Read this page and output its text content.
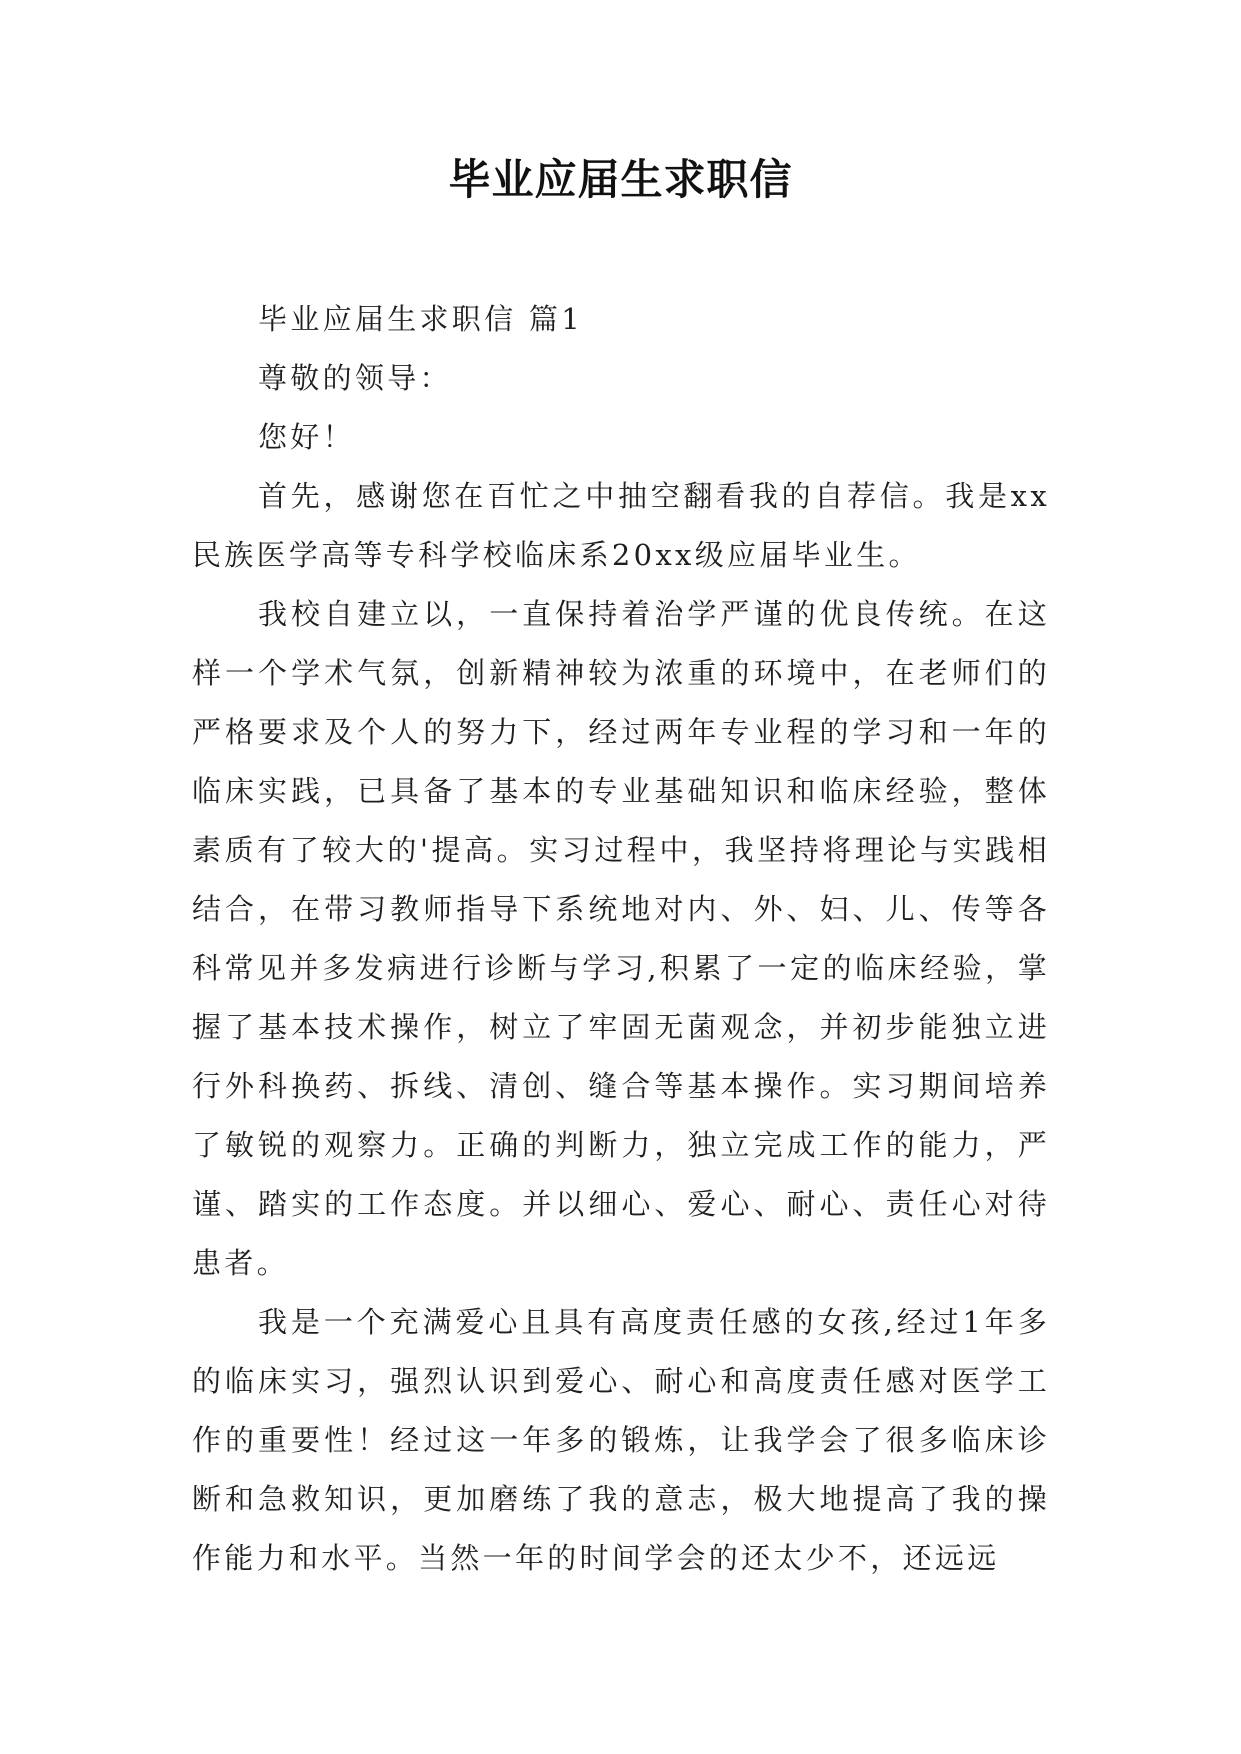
毕业应届生求职信

毕业应届生求职信 篇1

尊敬的领导：

您好！

首先，感谢您在百忙之中抽空翻看我的自荐信。我是xx民族医学高等专科学校临床系20xx级应届毕业生。

我校自建立以，一直保持着治学严谨的优良传统。在这样一个学术气氛，创新精神较为浓重的环境中，在老师们的严格要求及个人的努力下，经过两年专业程的学习和一年的临床实践，已具备了基本的专业基础知识和临床经验，整体素质有了较大的'提高。实习过程中，我坚持将理论与实践相结合，在带习教师指导下系统地对内、外、妇、儿、传等各科常见并多发病进行诊断与学习,积累了一定的临床经验，掌握了基本技术操作，树立了牢固无菌观念，并初步能独立进行外科换药、拆线、清创、缝合等基本操作。实习期间培养了敏锐的观察力。正确的判断力，独立完成工作的能力，严谨、踏实的工作态度。并以细心、爱心、耐心、责任心对待患者。

我是一个充满爱心且具有高度责任感的女孩,经过1年多的临床实习，强烈认识到爱心、耐心和高度责任感对医学工作的重要性！经过这一年多的锻炼，让我学会了很多临床诊断和急救知识，更加磨练了我的意志，极大地提高了我的操作能力和水平。当然一年的时间学会的还太少不，还远远
